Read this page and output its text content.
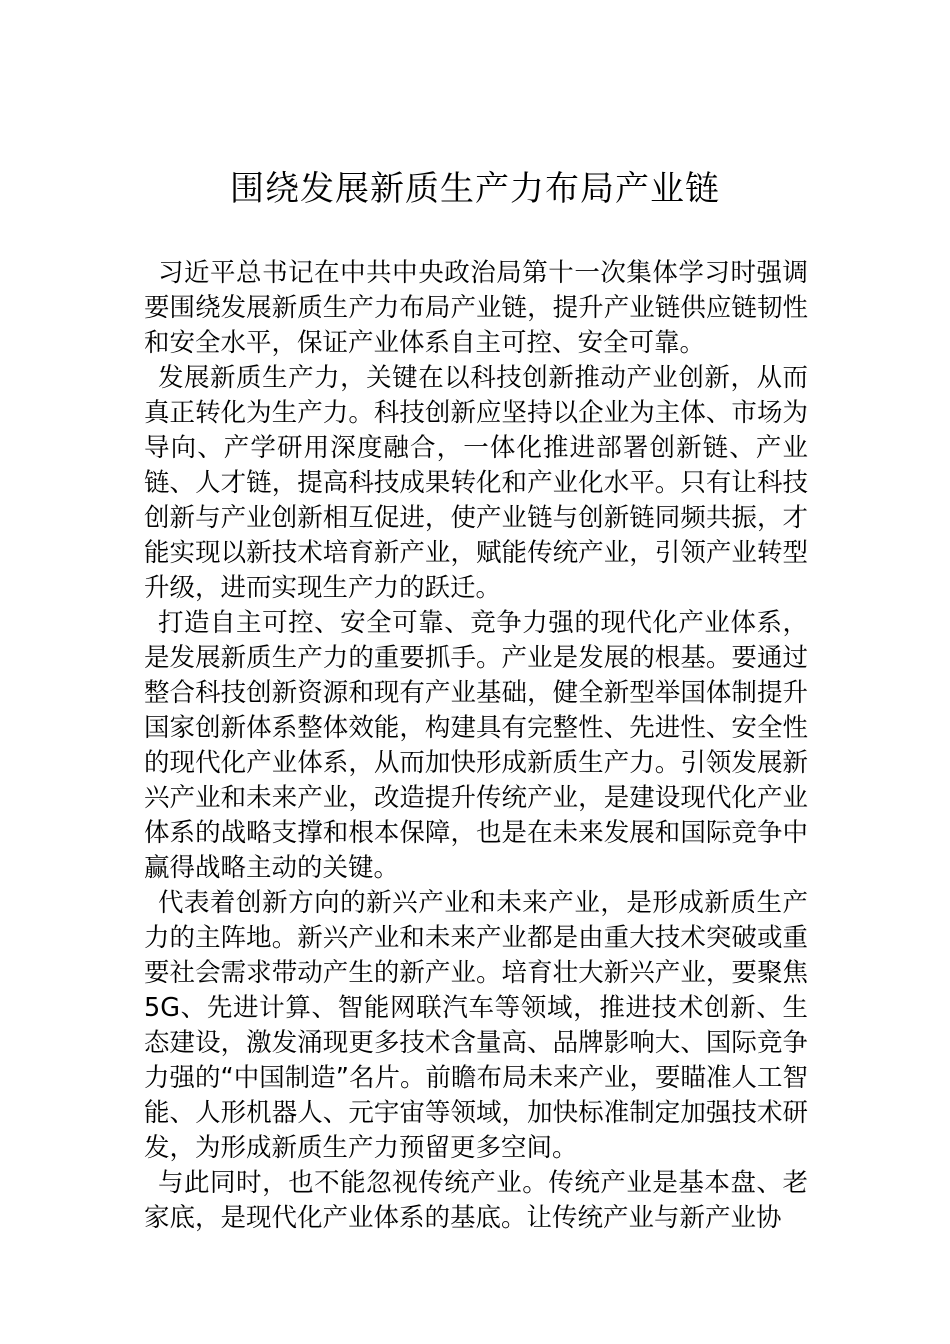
围绕发展新质生产力布局产业链

习近平总书记在中共中央政治局第十一次集体学习时强调要围绕发展新质生产力布局产业链，提升产业链供应链韧性和安全水平，保证产业体系自主可控、安全可靠。

发展新质生产力，关键在以科技创新推动产业创新，从而真正转化为生产力。科技创新应坚持以企业为主体、市场为导向、产学研用深度融合，一体化推进部署创新链、产业链、人才链，提高科技成果转化和产业化水平。只有让科技创新与产业创新相互促进，使产业链与创新链同频共振，才能实现以新技术培育新产业，赋能传统产业，引领产业转型升级，进而实现生产力的跃迁。

打造自主可控、安全可靠、竞争力强的现代化产业体系，是发展新质生产力的重要抓手。产业是发展的根基。要通过整合科技创新资源和现有产业基础，健全新型举国体制提升国家创新体系整体效能，构建具有完整性、先进性、安全性的现代化产业体系，从而加快形成新质生产力。引领发展新兴产业和未来产业，改造提升传统产业，是建设现代化产业体系的战略支撑和根本保障，也是在未来发展和国际竞争中赢得战略主动的关键。

代表着创新方向的新兴产业和未来产业，是形成新质生产力的主阵地。新兴产业和未来产业都是由重大技术突破或重要社会需求带动产生的新产业。培育壮大新兴产业，要聚焦5G、先进计算、智能网联汽车等领域，推进技术创新、生态建设，激发涌现更多技术含量高、品牌影响大、国际竞争力强的“中国制造”名片。前瞻布局未来产业，要瞄准人工智能、人形机器人、元宇宙等领域，加快标准制定加强技术研发，为形成新质生产力预留更多空间。

与此同时，也不能忽视传统产业。传统产业是基本盘、老家底，是现代化产业体系的基底。让传统产业与新产业协
